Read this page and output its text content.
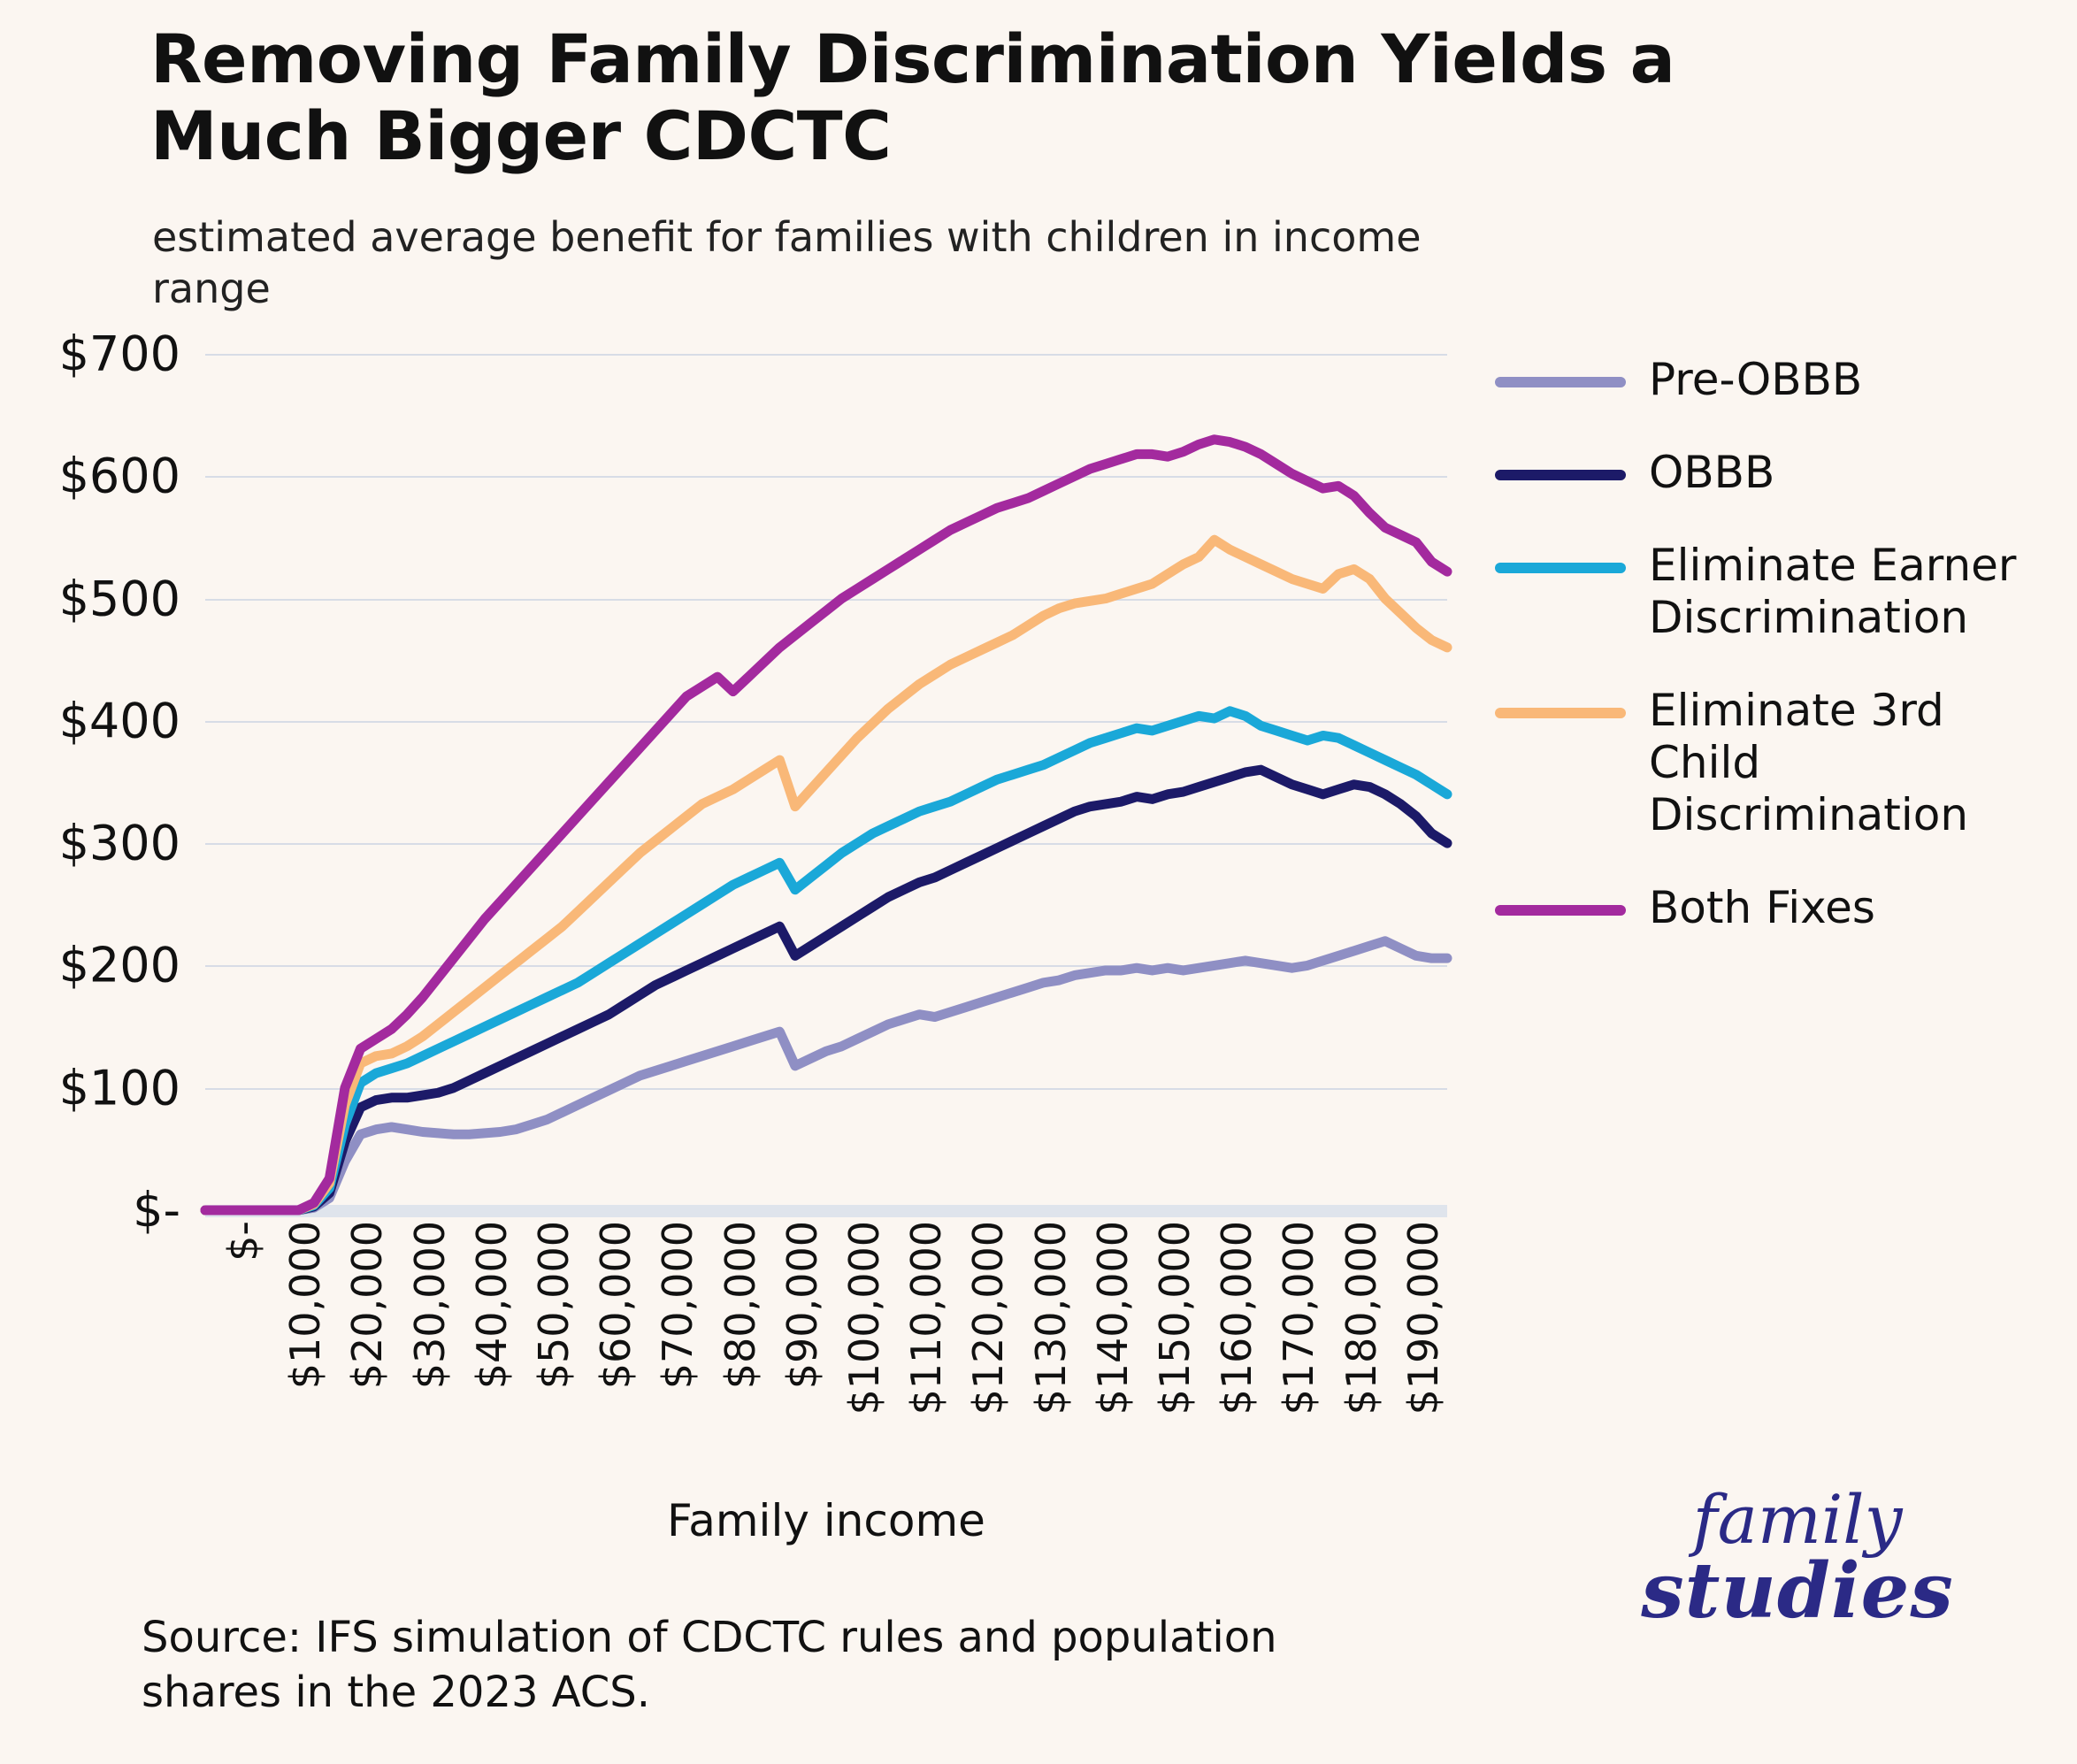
Removing Family Discrimination Yields a Much Bigger CDCTC
estimated average benefit for families with children in income range
$-
$100
$200
$300
$400
$500
$600
$700
$- $10,000 $20,000 $30,000 $40,000 $50,000 $60,000 $70,000 $80,000 $90,000 $100,000 $110,000 $120,000 $130,000 $140,000 $150,000 $160,000 $170,000 $180,000 $190,000
Family income
Pre-OBBB
OBBB
Eliminate Earner Discrimination
Eliminate 3rd Child Discrimination
Both Fixes
Source: IFS simulation of CDCTC rules and population shares in the 2023 ACS.
family
studies
